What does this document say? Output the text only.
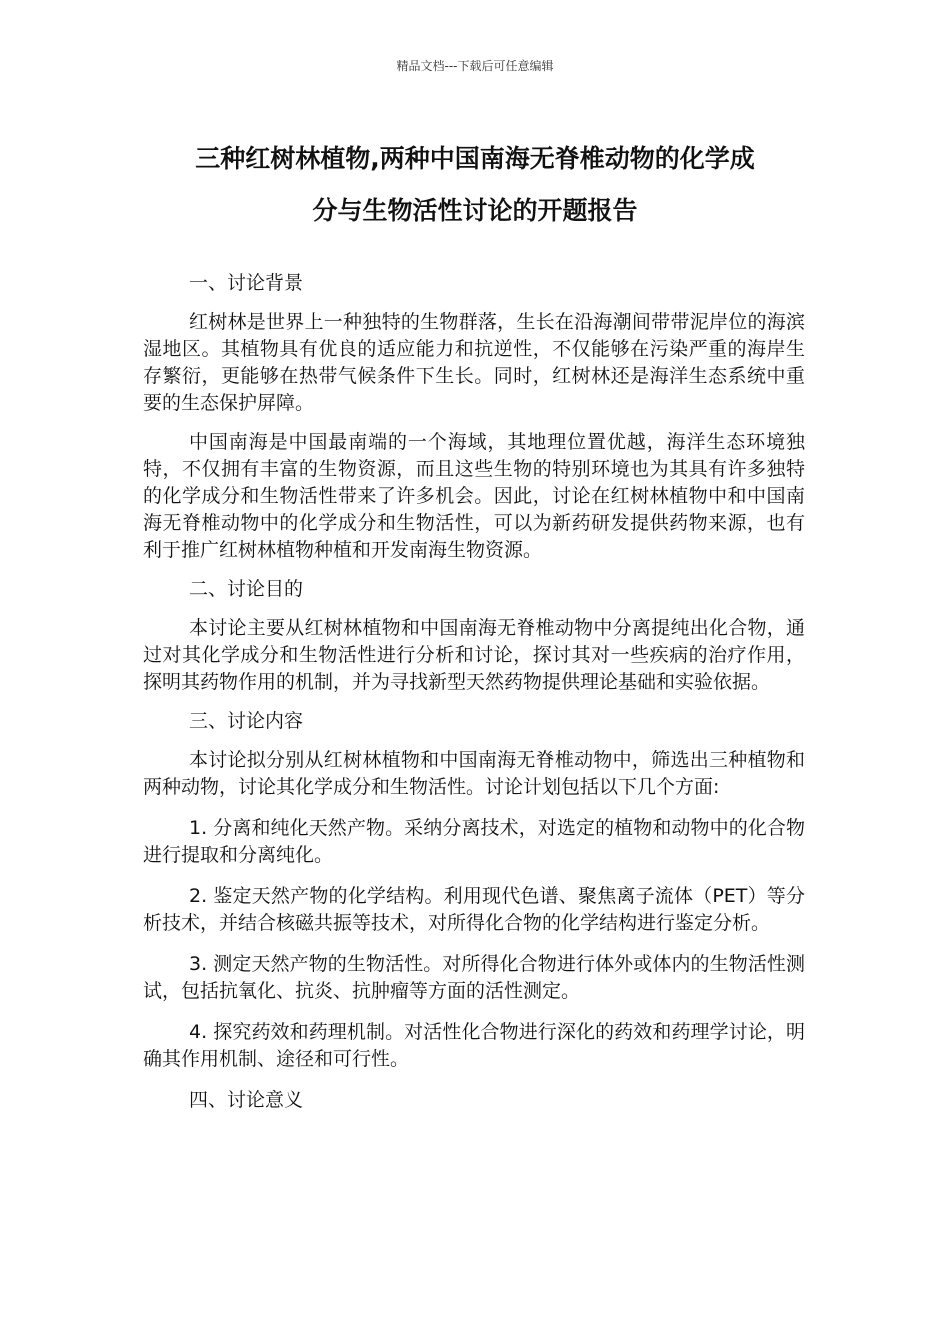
精品文档---下载后可任意编辑
三种红树林植物,两种中国南海无脊椎动物的化学成
分与生物活性讨论的开题报告

一、讨论背景

红树林是世界上一种独特的生物群落，生长在沿海潮间带带泥岸位的海滨湿地区。其植物具有优良的适应能力和抗逆性，不仅能够在污染严重的海岸生存繁衍，更能够在热带气候条件下生长。同时，红树林还是海洋生态系统中重要的生态保护屏障。

中国南海是中国最南端的一个海域，其地理位置优越，海洋生态环境独特，不仅拥有丰富的生物资源，而且这些生物的特别环境也为其具有许多独特的化学成分和生物活性带来了许多机会。因此，讨论在红树林植物中和中国南海无脊椎动物中的化学成分和生物活性，可以为新药研发提供药物来源，也有利于推广红树林植物种植和开发南海生物资源。

二、讨论目的

本讨论主要从红树林植物和中国南海无脊椎动物中分离提纯出化合物，通过对其化学成分和生物活性进行分析和讨论，探讨其对一些疾病的治疗作用，探明其药物作用的机制，并为寻找新型天然药物提供理论基础和实验依据。

三、讨论内容

本讨论拟分别从红树林植物和中国南海无脊椎动物中，筛选出三种植物和两种动物，讨论其化学成分和生物活性。讨论计划包括以下几个方面:

1. 分离和纯化天然产物。采纳分离技术，对选定的植物和动物中的化合物进行提取和分离纯化。

2. 鉴定天然产物的化学结构。利用现代色谱、聚焦离子流体（PET）等分析技术，并结合核磁共振等技术，对所得化合物的化学结构进行鉴定分析。

3. 测定天然产物的生物活性。对所得化合物进行体外或体内的生物活性测试，包括抗氧化、抗炎、抗肿瘤等方面的活性测定。

4. 探究药效和药理机制。对活性化合物进行深化的药效和药理学讨论，明确其作用机制、途径和可行性。

四、讨论意义
